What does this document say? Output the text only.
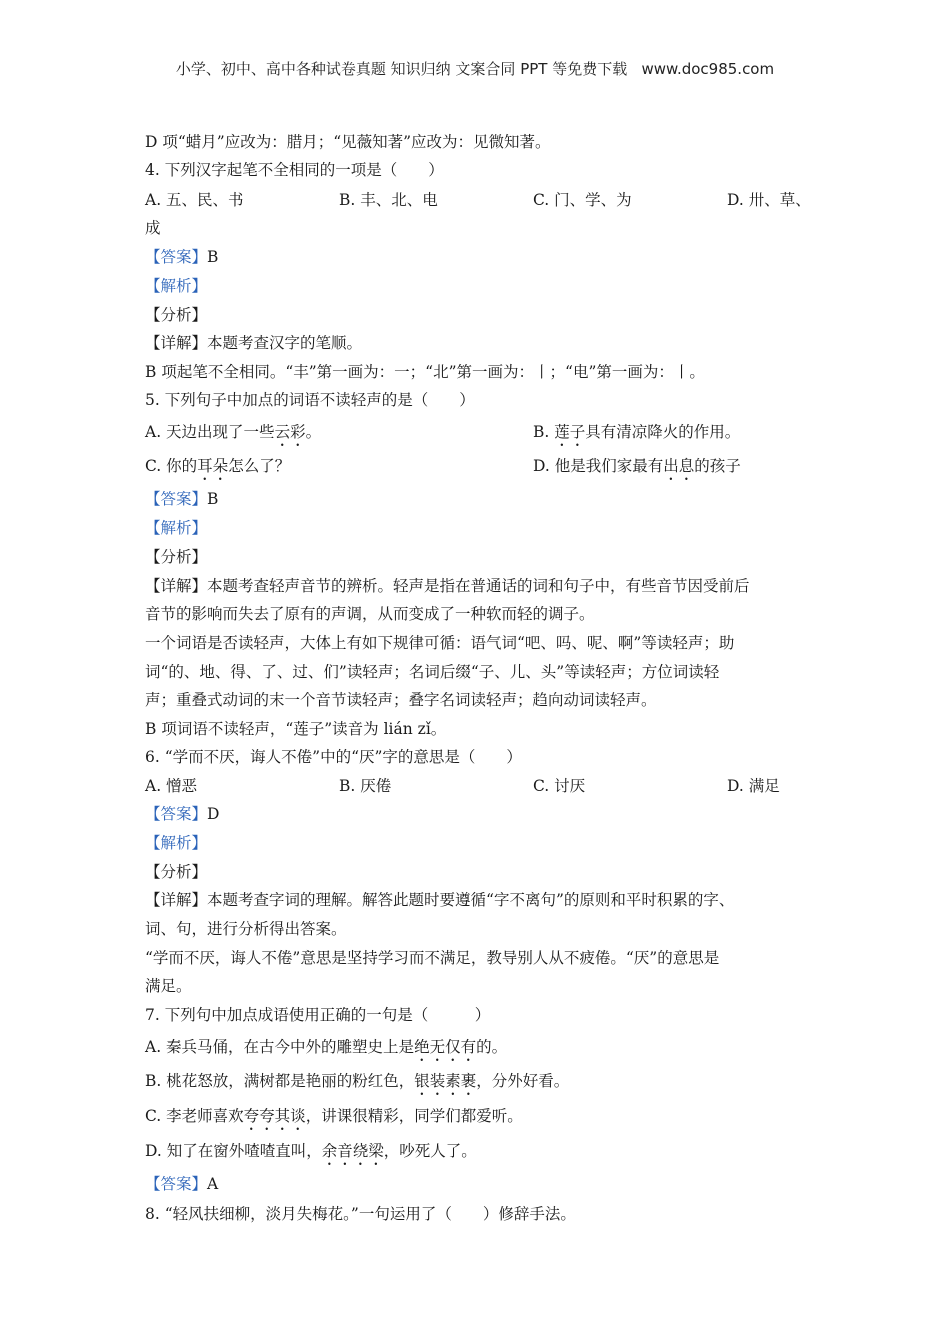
小学、初中、高中各种试卷真题 知识归纳 文案合同 PPT 等免费下载   www.doc985.com
D 项“蜡月”应改为：腊月；“见薇知著”应改为：见微知著。
4. 下列汉字起笔不全相同的一项是（　　）
A. 五、民、书	B. 丰、北、电	C. 门、学、为	D. 卅、草、
成
【答案】B
【解析】
【分析】
【详解】本题考查汉字的笔顺。
B 项起笔不全相同。“丰”第一画为：一；“北”第一画为：丨；“电”第一画为：丨。
5. 下列句子中加点的词语不读轻声的是（　　）
A. 天边出现了一些云彩。	B. 莲子具有清凉降火的作用。
C. 你的耳朵怎么了？	D. 他是我们家最有出息的孩子
【答案】B
【解析】
【分析】
【详解】本题考查轻声音节的辨析。轻声是指在普通话的词和句子中，有些音节因受前后
音节的影响而失去了原有的声调，从而变成了一种软而轻的调子。
一个词语是否读轻声，大体上有如下规律可循：语气词“吧、吗、呢、啊”等读轻声；助
词“的、地、得、了、过、们”读轻声；名词后缀“子、儿、头”等读轻声；方位词读轻
声；重叠式动词的末一个音节读轻声；叠字名词读轻声；趋向动词读轻声。
B 项词语不读轻声，“莲子”读音为 lián zǐ。
6. “学而不厌，诲人不倦”中的“厌”字的意思是（　　）
A. 憎恶	B. 厌倦	C. 讨厌	D. 满足
【答案】D
【解析】
【分析】
【详解】本题考查字词的理解。解答此题时要遵循“字不离句”的原则和平时积累的字、
词、句，进行分析得出答案。
“学而不厌，诲人不倦”意思是坚持学习而不满足，教导别人从不疲倦。“厌”的意思是
满足。
7. 下列句中加点成语使用正确的一句是（　　　）
A. 秦兵马俑，在古今中外的雕塑史上是绝无仅有的。
B. 桃花怒放，满树都是艳丽的粉红色，银装素裹，分外好看。
C. 李老师喜欢夸夸其谈，讲课很精彩，同学们都爱听。
D. 知了在窗外喳喳直叫，余音绕梁，吵死人了。
【答案】A
8. “轻风扶细柳，淡月失梅花。”一句运用了（　　）修辞手法。
